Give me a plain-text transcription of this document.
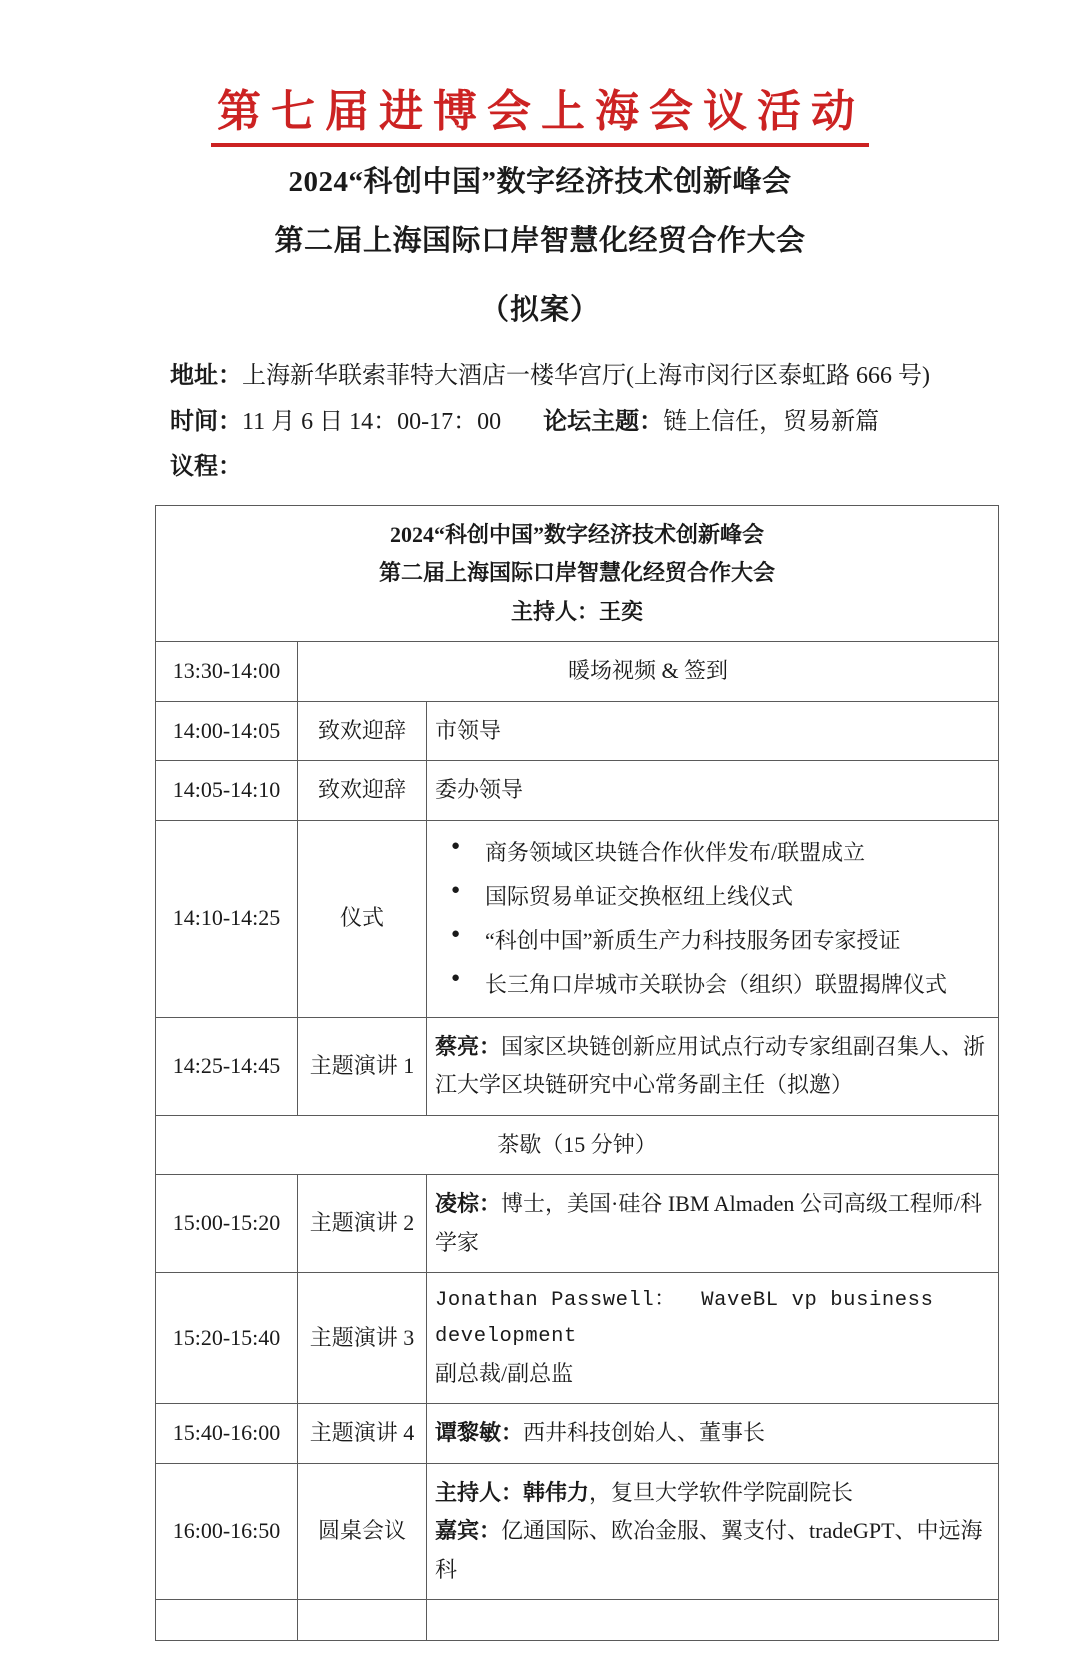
第七届进博会上海会议活动
2024“科创中国”数字经济技术创新峰会
第二届上海国际口岸智慧化经贸合作大会
（拟案）
地址：上海新华联索菲特大酒店一楼华宫厅(上海市闵行区泰虹路 666 号)
时间：11 月 6 日 14：00-17：00 论坛主题：链上信任，贸易新篇
议程：
2024“科创中国”数字经济技术创新峰会
第二届上海国际口岸智慧化经贸合作大会
主持人：王奕		

13:30-14:00	暖场视频 & 签到	
14:00-14:05	致欢迎辞	市领导
14:05-14:10	致欢迎辞	委办领导
14:10-14:25	仪式	
● 商务领域区块链合作伙伴发布/联盟成立
● 国际贸易单证交换枢纽上线仪式
● “科创中国”新质生产力科技服务团专家授证
● 长三角口岸城市关联协会（组织）联盟揭牌仪式

14:25-14:45	主题演讲 1	蔡亮：国家区块链创新应用试点行动专家组副召集人、浙江大学区块链研究中心常务副主任（拟邀）
茶歇（15 分钟）		
15:00-15:20	主题演讲 2	凌棕：博士，美国·硅谷 IBM Almaden 公司高级工程师/科学家
15:20-15:40	主题演讲 3	Jonathan Passwell： WaveBL vp business development
副总裁/副总监

15:40-16:00	主题演讲 4	谭黎敏：西井科技创始人、董事长
16:00-16:50	圆桌会议	主持人：韩伟力，复旦大学软件学院副院长
嘉宾：亿通国际、欧冶金服、翼支付、tradeGPT、中远海科
